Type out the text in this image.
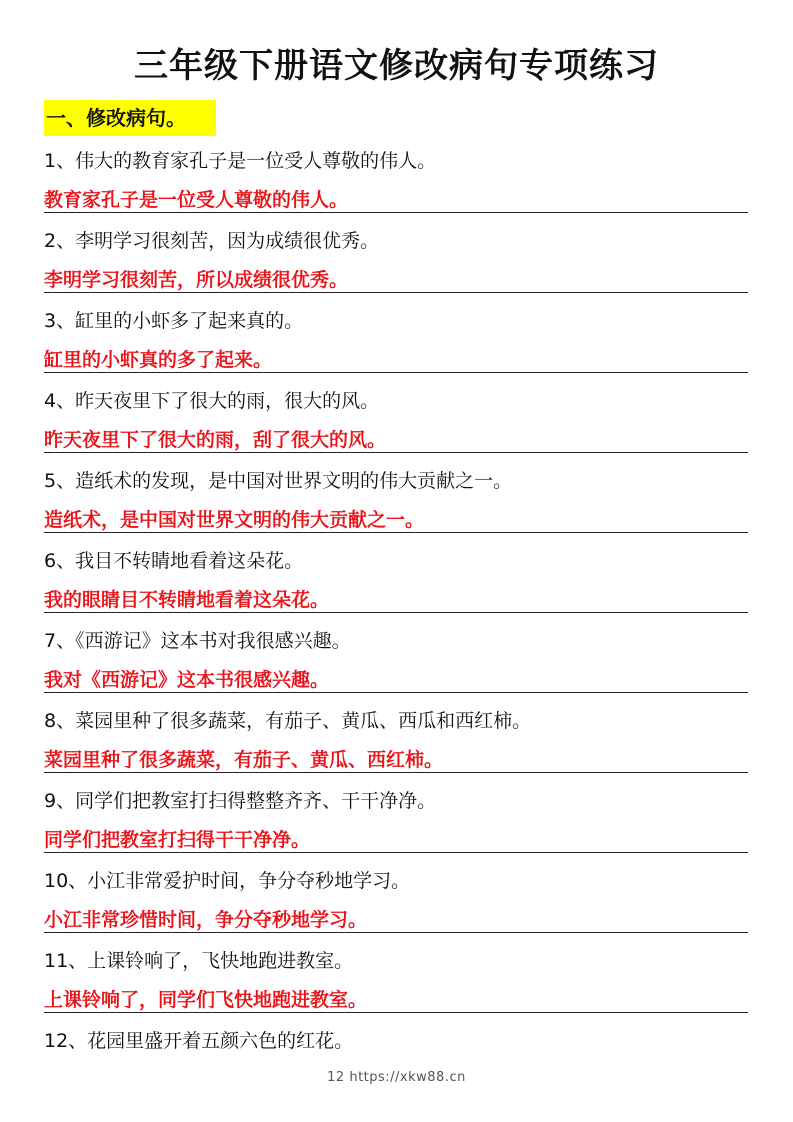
三年级下册语文修改病句专项练习
一、修改病句。
1、伟大的教育家孔子是一位受人尊敬的伟人。
教育家孔子是一位受人尊敬的伟人。
2、李明学习很刻苦，因为成绩很优秀。
李明学习很刻苦，所以成绩很优秀。
3、缸里的小虾多了起来真的。
缸里的小虾真的多了起来。
4、昨天夜里下了很大的雨，很大的风。
昨天夜里下了很大的雨，刮了很大的风。
5、造纸术的发现，是中国对世界文明的伟大贡献之一。
造纸术，是中国对世界文明的伟大贡献之一。
6、我目不转睛地看着这朵花。
我的眼睛目不转睛地看着这朵花。
7、《西游记》这本书对我很感兴趣。
我对《西游记》这本书很感兴趣。
8、菜园里种了很多蔬菜，有茄子、黄瓜、西瓜和西红柿。
菜园里种了很多蔬菜，有茄子、黄瓜、西红柿。
9、同学们把教室打扫得整整齐齐、干干净净。
同学们把教室打扫得干干净净。
10、小江非常爱护时间，争分夺秒地学习。
小江非常珍惜时间，争分夺秒地学习。
11、上课铃响了，飞快地跑进教室。
上课铃响了，同学们飞快地跑进教室。
12、花园里盛开着五颜六色的红花。
12 https://xkw88.cn
